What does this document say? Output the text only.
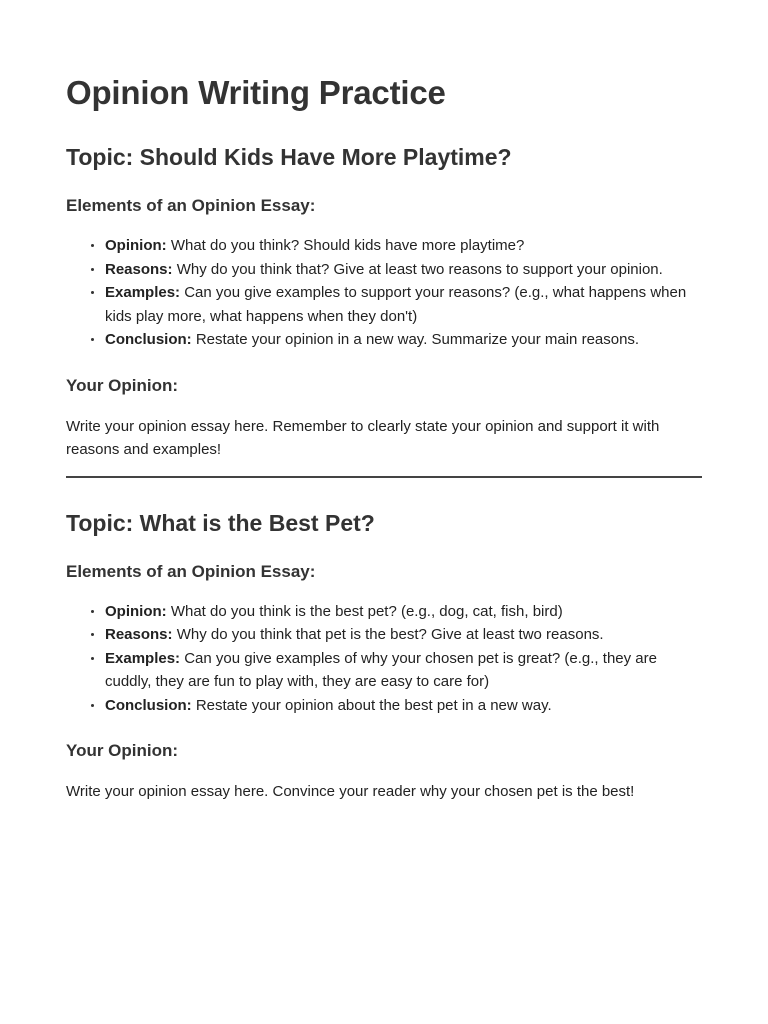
Opinion Writing Practice
Topic: Should Kids Have More Playtime?
Elements of an Opinion Essay:
Opinion: What do you think? Should kids have more playtime?
Reasons: Why do you think that? Give at least two reasons to support your opinion.
Examples: Can you give examples to support your reasons? (e.g., what happens when kids play more, what happens when they don't)
Conclusion: Restate your opinion in a new way. Summarize your main reasons.
Your Opinion:

Write your opinion essay here. Remember to clearly state your opinion and support it with reasons and examples!

Topic: What is the Best Pet?
Elements of an Opinion Essay:
Opinion: What do you think is the best pet? (e.g., dog, cat, fish, bird)
Reasons: Why do you think that pet is the best? Give at least two reasons.
Examples: Can you give examples of why your chosen pet is great? (e.g., they are cuddly, they are fun to play with, they are easy to care for)
Conclusion: Restate your opinion about the best pet in a new way.
Your Opinion:

Write your opinion essay here. Convince your reader why your chosen pet is the best!
